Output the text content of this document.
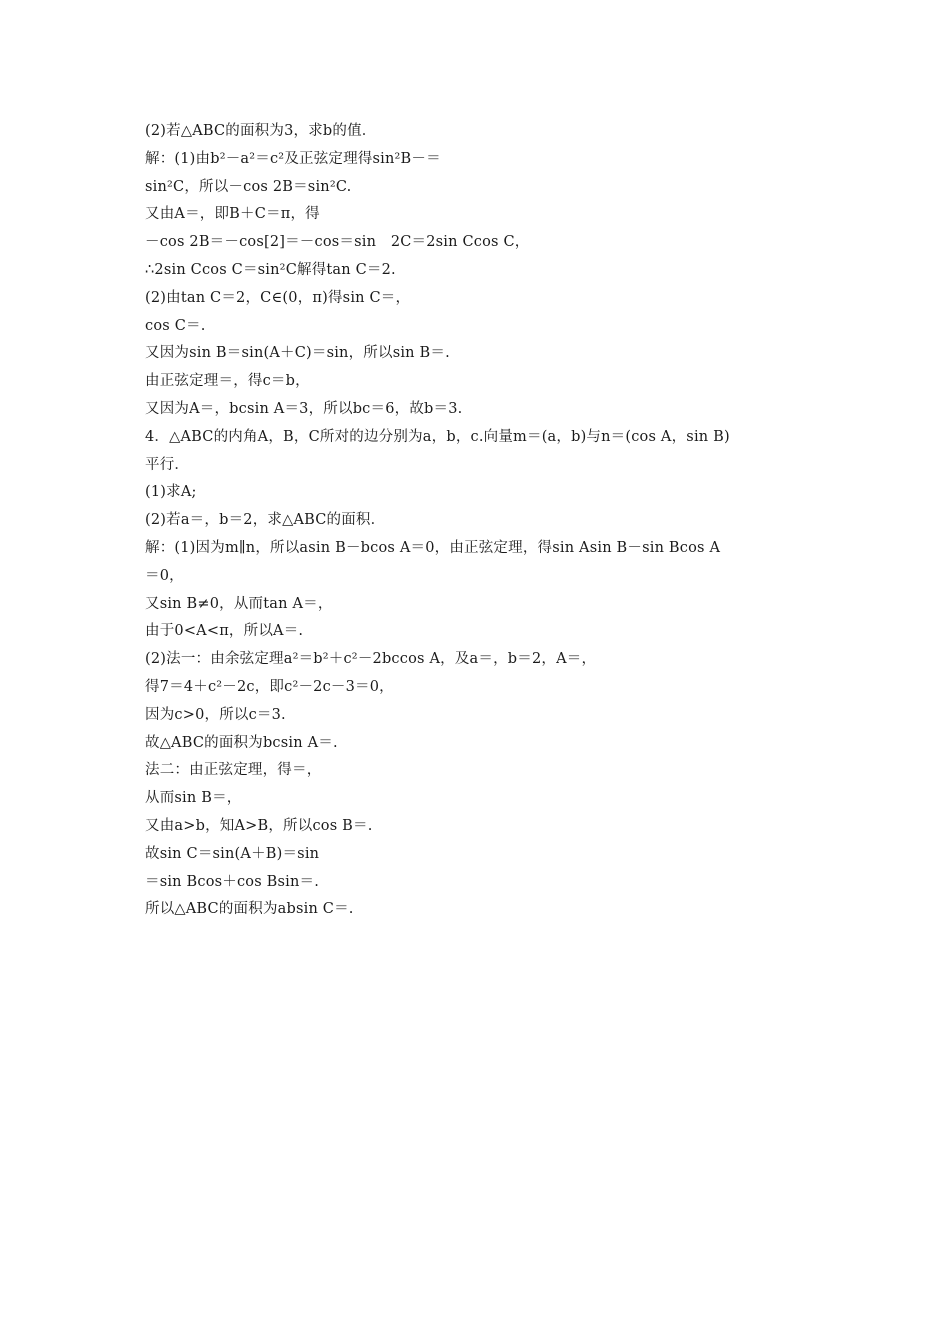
(2)若△ABC的面积为3，求b的值．
解：(1)由b²－a²＝c²及正弦定理得sin²B－＝
sin²C，所以－cos 2B＝sin²C.
又由A＝，即B＋C＝π，得
－cos 2B＝－cos[2]＝－cos＝sin　2C＝2sin Ccos C，
∴2sin Ccos C＝sin²C解得tan C＝2.
(2)由tan C＝2，C∈(0，π)得sin C＝，
cos C＝.
又因为sin B＝sin(A＋C)＝sin，所以sin B＝.
由正弦定理＝，得c＝b，
又因为A＝，bcsin A＝3，所以bc＝6，故b＝3.
4．△ABC的内角A，B，C所对的边分别为a，b，c.向量m＝(a，b)与n＝(cos A，sin B)
平行．
(1)求A;
(2)若a＝，b＝2，求△ABC的面积．
解：(1)因为m∥n，所以asin B－bcos A＝0，由正弦定理，得sin Asin B－sin Bcos A
＝0，
又sin B≠0，从而tan A＝，
由于0<A<π，所以A＝.
(2)法一：由余弦定理a²＝b²＋c²－2bccos A，及a＝，b＝2，A＝，
得7＝4＋c²－2c，即c²－2c－3＝0，
因为c>0，所以c＝3.
故△ABC的面积为bcsin A＝.
法二：由正弦定理，得＝，
从而sin B＝，
又由a>b，知A>B，所以cos B＝.
故sin C＝sin(A＋B)＝sin
＝sin Bcos＋cos Bsin＝.
所以△ABC的面积为absin C＝.
